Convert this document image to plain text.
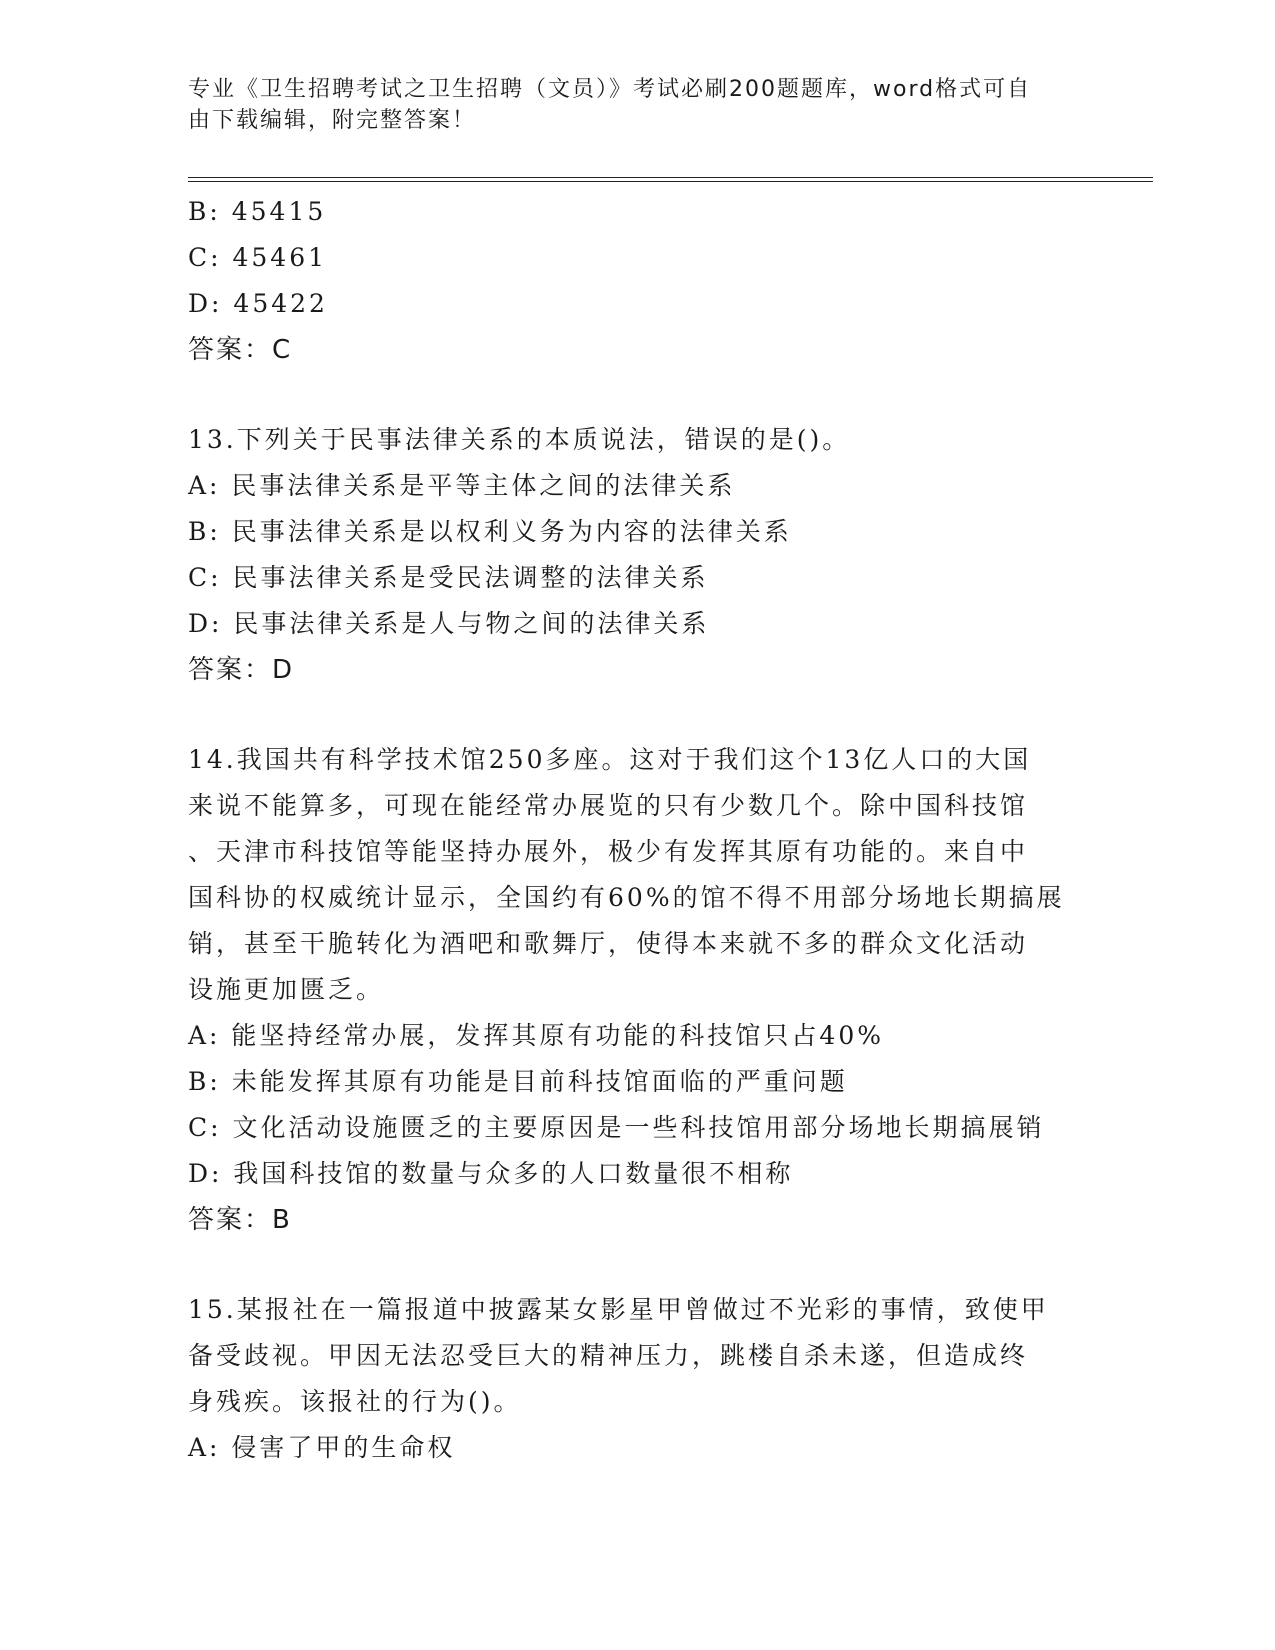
专业《卫生招聘考试之卫生招聘（文员）》考试必刷200题题库，word格式可自
由下载编辑，附完整答案！
B: 45415
C: 45461
D: 45422
答案：C
13.下列关于民事法律关系的本质说法，错误的是()。
A: 民事法律关系是平等主体之间的法律关系
B: 民事法律关系是以权利义务为内容的法律关系
C: 民事法律关系是受民法调整的法律关系
D: 民事法律关系是人与物之间的法律关系
答案：D
14.我国共有科学技术馆250多座。这对于我们这个13亿人口的大国
来说不能算多，可现在能经常办展览的只有少数几个。除中国科技馆
、天津市科技馆等能坚持办展外，极少有发挥其原有功能的。来自中
国科协的权威统计显示，全国约有60%的馆不得不用部分场地长期搞展
销，甚至干脆转化为酒吧和歌舞厅，使得本来就不多的群众文化活动
设施更加匮乏。
A: 能坚持经常办展，发挥其原有功能的科技馆只占40%
B: 未能发挥其原有功能是目前科技馆面临的严重问题
C: 文化活动设施匮乏的主要原因是一些科技馆用部分场地长期搞展销
D: 我国科技馆的数量与众多的人口数量很不相称
答案：B
15.某报社在一篇报道中披露某女影星甲曾做过不光彩的事情，致使甲
备受歧视。甲因无法忍受巨大的精神压力，跳楼自杀未遂，但造成终
身残疾。该报社的行为()。
A: 侵害了甲的生命权
